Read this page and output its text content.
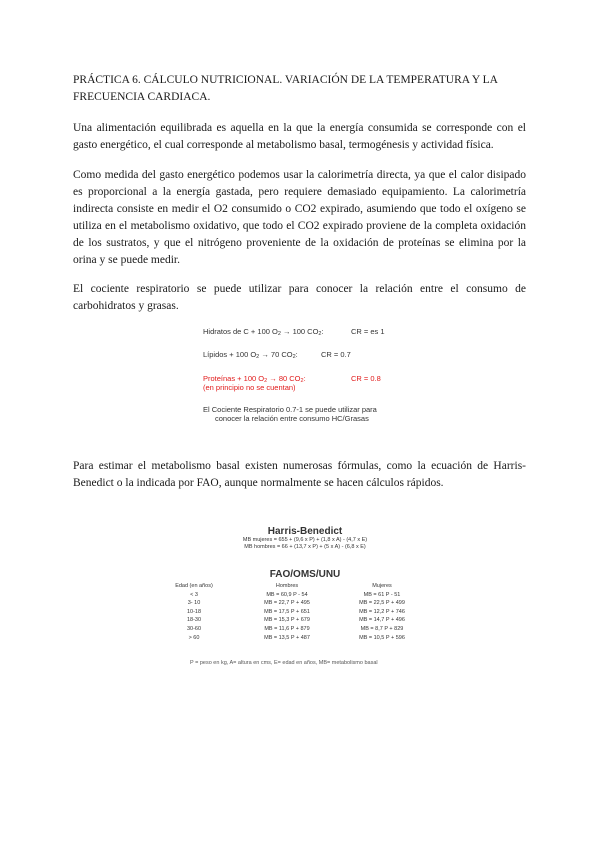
PRÁCTICA 6. CÁLCULO NUTRICIONAL. VARIACIÓN DE LA TEMPERATURA Y LA FRECUENCIA CARDIACA.
Una alimentación equilibrada es aquella en la que la energía consumida se corresponde con el gasto energético, el cual corresponde al metabolismo basal, termogénesis y actividad física.
Como medida del gasto energético podemos usar la calorimetría directa, ya que el calor disipado es proporcional a la energía gastada, pero requiere demasiado equipamiento. La calorimetría indirecta consiste en medir el O2 consumido o CO2 expirado, asumiendo que todo el oxígeno se utiliza en el metabolismo oxidativo, que todo el CO2 expirado proviene de la completa oxidación de los sustratos, y que el nitrógeno proveniente de la oxidación de proteínas se elimina por la orina y se puede medir.
El cociente respiratorio se puede utilizar para conocer la relación entre el consumo de carbohidratos y grasas.
Hidratos de C + 100 $O_2 \to 100$ $CO_2$:	CR = es 1
Lípidos + 100 $O_2 \to 70$ $CO_2$:	CR = 0.7
Proteínas + 100 $O_2 \to 80$ $CO_2$:	CR = 0.8
(en principio no se cuentan)
El Cociente Respiratorio 0.7-1 se puede utilizar para
conocer la relación entre consumo HC/Grasas
Para estimar el metabolismo basal existen numerosas fórmulas, como la ecuación de Harris-Benedict o la indicada por FAO, aunque normalmente se hacen cálculos rápidos.
Harris-Benedict
MB mujeres = 655 + (9,6 x P) + (1,8 x A) - (4,7 x E)
MB hombres = 66 + (13,7 x P) + (5 x A) - (6,8 x E)
FAO/OMS/UNU
Edad (en años)	Hombres	Mujeres
< 3	MB = 60,9 P - 54	MB = 61 P - 51
3- 10	MB = 22,7 P + 495	MB = 22,5 P + 499
10-18	MB = 17,5 P + 651	MB = 12,2 P + 746
18-30	MB = 15,3 P + 679	MB = 14,7 P + 496
30-60	MB = 11,6 P + 879	MB = 8,7 P + 829
> 60	MB = 13,5 P + 487	MB = 10,5 P + 596
P = peso en kg, A= altura en cms, E= edad en años, MB= metabolismo basal
